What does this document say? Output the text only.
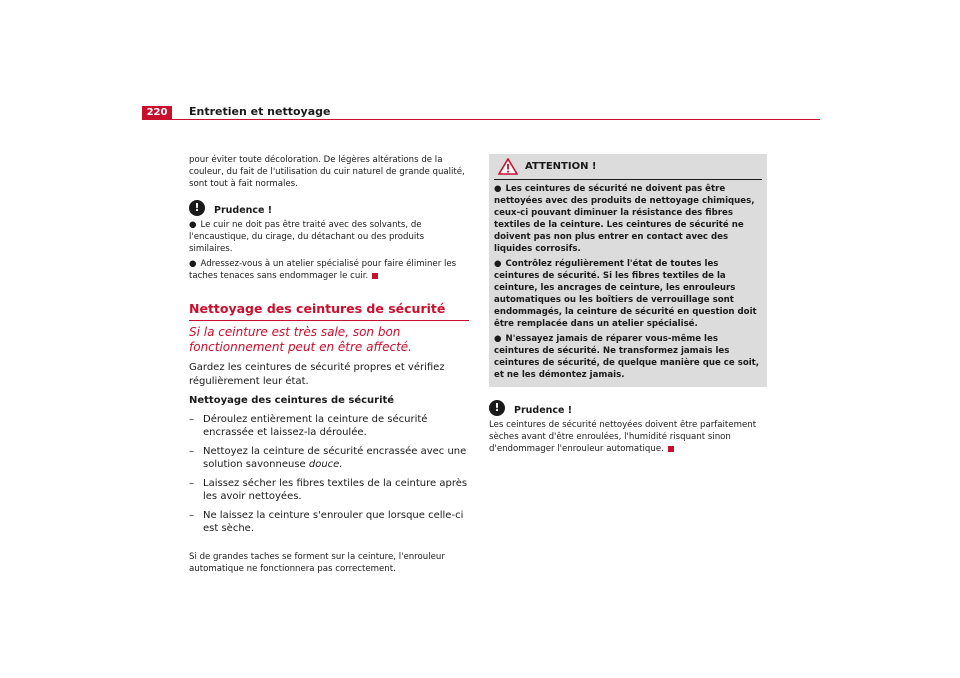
220	Entretien et nettoyage

pour éviter toute décoloration. De légères altérations de la couleur, du fait de l'utilisation du cuir naturel de grande qualité, sont tout à fait normales.

!	Prudence !
● Le cuir ne doit pas être traité avec des solvants, de l'encaustique, du cirage, du détachant ou des produits similaires.
● Adressez-vous à un atelier spécialisé pour faire éliminer les taches tenaces sans endommager le cuir.
Nettoyage des ceintures de sécurité
Si la ceinture est très sale, son bon fonctionnement peut en être affecté.

Gardez les ceintures de sécurité propres et vérifiez régulièrement leur état.

Nettoyage des ceintures de sécurité
– Déroulez entièrement la ceinture de sécurité encrassée et laissez-la déroulée.
– Nettoyez la ceinture de sécurité encrassée avec une solution savonneuse douce.
– Laissez sécher les fibres textiles de la ceinture après les avoir nettoyées.
– Ne laissez la ceinture s'enrouler que lorsque celle-ci est sèche.
Si de grandes taches se forment sur la ceinture, l'enrouleur automatique ne fonctionnera pas correctement.
ATTENTION !
● Les ceintures de sécurité ne doivent pas être nettoyées avec des produits de nettoyage chimiques, ceux-ci pouvant diminuer la résistance des fibres textiles de la ceinture. Les ceintures de sécurité ne doivent pas non plus entrer en contact avec des liquides corrosifs.
● Contrôlez régulièrement l'état de toutes les ceintures de sécurité. Si les fibres textiles de la ceinture, les ancrages de ceinture, les enrouleurs automatiques ou les boîtiers de verrouillage sont endommagés, la ceinture de sécurité en question doit être remplacée dans un atelier spécialisé.
● N'essayez jamais de réparer vous-même les ceintures de sécurité. Ne transformez jamais les ceintures de sécurité, de quelque manière que ce soit, et ne les démontez jamais.
!	Prudence !

Les ceintures de sécurité nettoyées doivent être parfaitement sèches avant d'être enroulées, l'humidité risquant sinon d'endommager l'enrouleur automatique.
